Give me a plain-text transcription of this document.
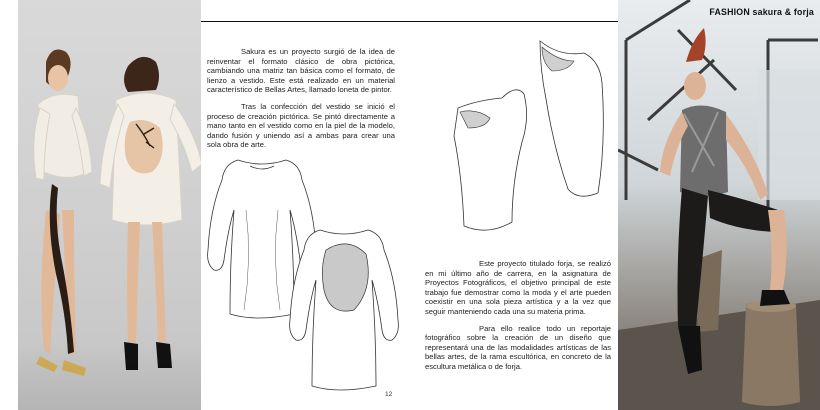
Sakura es un proyecto surgió de la idea de reinventar el formato clásico de obra pictórica, cambiando una matriz tan básica como el formato, de lienzo a vestido. Este está realizado en un material característico de Bellas Artes, llamado loneta de pintor.

Tras la confección del vestido se inició el proceso de creación pictórica. Se pintó directamente a mano tanto en el vestido como en la piel de la modelo, dando fusión y uniendo así a ambas para crear una sola obra de arte.

Este proyecto titulado forja, se realizó en mi último año de carrera, en la asignatura de Proyectos Fotográficos, el objetivo principal de este trabajo fue demostrar como la moda y el arte pueden coexistir en una sola pieza artística y a la vez que seguir manteniendo cada una su materia prima.

Para ello realice todo un reportaje fotográfico sobre la creación de un diseño que representará una de las modalidades artísticas de las bellas artes, de la rama escultórica, en concreto de la escultura metálica o de forja.

12
FASHION sakura & forja
